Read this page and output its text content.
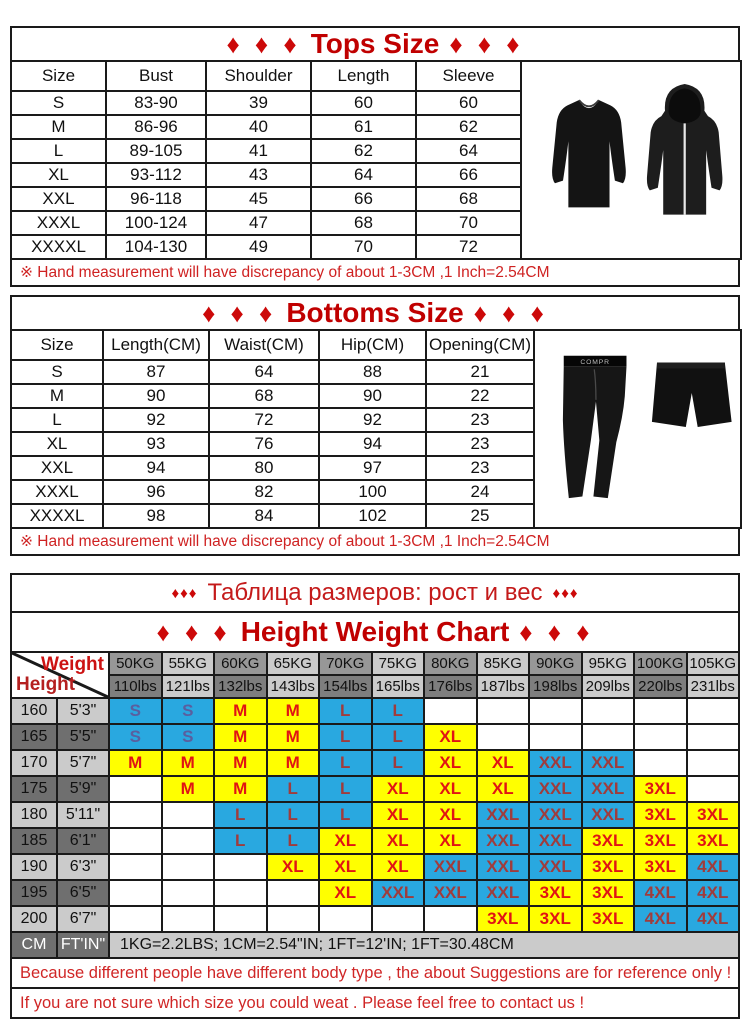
♦ ♦ ♦ Tops Size ♦ ♦ ♦
Size	Bust	Shoulder	Length	Sleeve	

S	83-90	39	60	60	
M	86-96	40	61	62	
L	89-105	41	62	64	
XL	93-112	43	64	66	
XXL	96-118	45	66	68	
XXXL	100-124	47	68	70	
XXXXL	104-130	49	70	72	
※ Hand measurement will have discrepancy of about 1-3CM ,1 Inch=2.54CM
♦ ♦ ♦ Bottoms Size ♦ ♦ ♦
Size	Length(CM)	Waist(CM)	Hip(CM)	Opening(CM)	COMPR

S	87	64	88	21	
M	90	68	90	22	
L	92	72	92	23	
XL	93	76	94	23	
XXL	94	80	97	23	
XXXL	96	82	100	24	
XXXXL	98	84	102	25	
※ Hand measurement will have discrepancy of about 1-3CM ,1 Inch=2.54CM
♦♦♦ Таблица размеров: рост и вес ♦♦♦
♦ ♦ ♦ Height Weight Chart ♦ ♦ ♦
Weight
Height		50KG	55KG	60KG	65KG	70KG	75KG	80KG	85KG	90KG	95KG	100KG	105KG
		110lbs	121lbs	132lbs	143lbs	154lbs	165lbs	176lbs	187lbs	198lbs	209lbs	220lbs	231lbs
160	5'3"	S	S	M	M	L	L						
165	5'5"	S	S	M	M	L	L	XL					
170	5'7"	M	M	M	M	L	L	XL	XL	XXL	XXL		
175	5'9"		M	M	L	L	XL	XL	XL	XXL	XXL	3XL	
180	5'11"			L	L	L	XL	XL	XXL	XXL	XXL	3XL	3XL
185	6'1"			L	L	XL	XL	XL	XXL	XXL	3XL	3XL	3XL
190	6'3"				XL	XL	XL	XXL	XXL	XXL	3XL	3XL	4XL
195	6'5"					XL	XXL	XXL	XXL	3XL	3XL	4XL	4XL
200	6'7"								3XL	3XL	3XL	4XL	4XL
CM	FT'IN"	1KG=2.2LBS; 1CM=2.54"IN; 1FT=12'IN; 1FT=30.48CM											
Because different people have different body type , the about Suggestions are for reference only !
If you are not sure which size you could weat . Please feel free to contact us !
